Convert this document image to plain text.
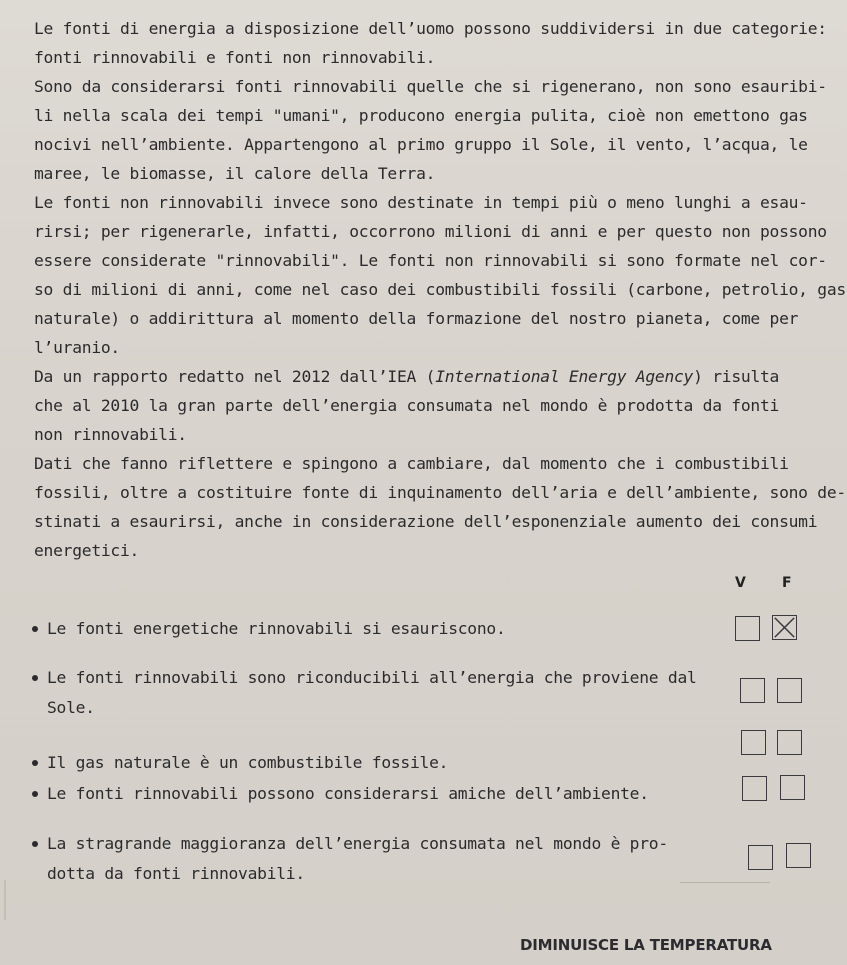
Le fonti di energia a disposizione dell’uomo possono suddividersi in due categorie:
fonti rinnovabili e fonti non rinnovabili.
Sono da considerarsi fonti rinnovabili quelle che si rigenerano, non sono esauribi-
li nella scala dei tempi "umani", producono energia pulita, cioè non emettono gas
nocivi nell’ambiente. Appartengono al primo gruppo il Sole, il vento, l’acqua, le
maree, le biomasse, il calore della Terra.
Le fonti non rinnovabili invece sono destinate in tempi più o meno lunghi a esau-
rirsi; per rigenerarle, infatti, occorrono milioni di anni e per questo non possono
essere considerate "rinnovabili". Le fonti non rinnovabili si sono formate nel cor-
so di milioni di anni, come nel caso dei combustibili fossili (carbone, petrolio, gas
naturale) o addirittura al momento della formazione del nostro pianeta, come per
l’uranio.
Da un rapporto redatto nel 2012 dall’IEA (International Energy Agency) risulta
che al 2010 la gran parte dell’energia consumata nel mondo è prodotta da fonti
non rinnovabili.
Dati che fanno riflettere e spingono a cambiare, dal momento che i combustibili
fossili, oltre a costituire fonte di inquinamento dell’aria e dell’ambiente, sono de-
stinati a esaurirsi, anche in considerazione dell’esponenziale aumento dei consumi
energetici.
V	F
Le fonti energetiche rinnovabili si esauriscono.
Le fonti rinnovabili sono riconducibili all’energia che proviene dal
Sole.
Il gas naturale è un combustibile fossile.
Le fonti rinnovabili possono considerarsi amiche dell’ambiente.
La stragrande maggioranza dell’energia consumata nel mondo è pro-
dotta da fonti rinnovabili.
DIMINUISCE LA TEMPERATURA
